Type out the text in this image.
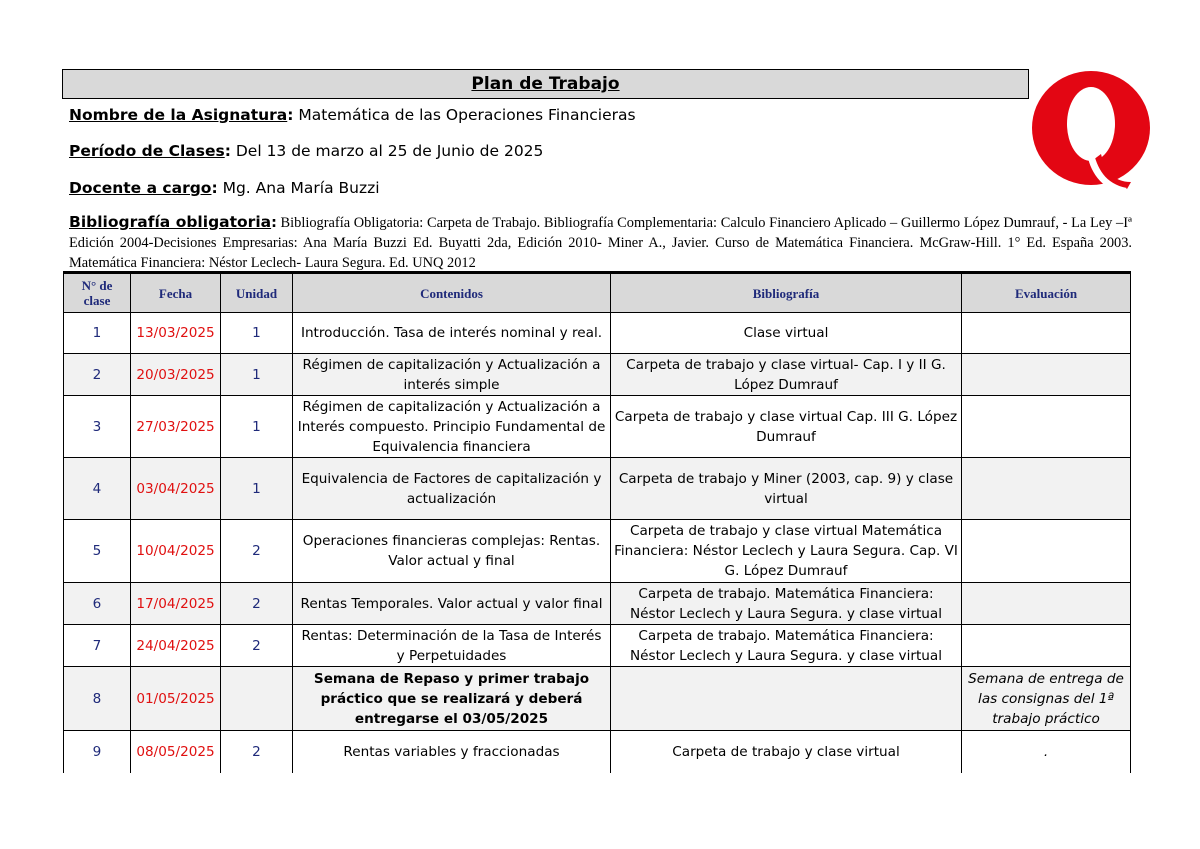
Plan de Trabajo
Nombre de la Asignatura: Matemática de las Operaciones Financieras
Período de Clases: Del 13 de marzo al 25 de Junio de 2025
Docente a cargo: Mg. Ana María Buzzi
Bibliografía obligatoria: Bibliografía Obligatoria: Carpeta de Trabajo. Bibliografía Complementaria: Calculo Financiero Aplicado – Guillermo López Dumrauf, - La Ley –Iª Edición 2004-Decisiones Empresarias: Ana María Buzzi Ed. Buyatti 2da, Edición 2010- Miner A., Javier. Curso de Matemática Financiera. McGraw-Hill. 1° Ed. España 2003. Matemática Financiera: Néstor Leclech- Laura Segura. Ed. UNQ 2012
N° de clase	Fecha	Unidad	Contenidos	Bibliografía	Evaluación
1	13/03/2025	1	Introducción. Tasa de interés nominal y real.	Clase virtual	
2	20/03/2025	1	Régimen de capitalización y Actualización a interés simple	Carpeta de trabajo y clase virtual- Cap. I y II G. López Dumrauf	
3	27/03/2025	1	Régimen de capitalización y Actualización a Interés compuesto. Principio Fundamental de Equivalencia financiera	Carpeta de trabajo y clase virtual Cap. III G. López Dumrauf	
4	03/04/2025	1	Equivalencia de Factores de capitalización y actualización	Carpeta de trabajo y Miner (2003, cap. 9) y clase virtual	
5	10/04/2025	2	Operaciones financieras complejas: Rentas. Valor actual y final	Carpeta de trabajo y clase virtual Matemática Financiera: Néstor Leclech y Laura Segura. Cap. VI G. López Dumrauf	
6	17/04/2025	2	Rentas Temporales. Valor actual y valor final	Carpeta de trabajo. Matemática Financiera: Néstor Leclech y Laura Segura. y clase virtual	
7	24/04/2025	2	Rentas: Determinación de la Tasa de Interés y Perpetuidades	Carpeta de trabajo. Matemática Financiera: Néstor Leclech y Laura Segura. y clase virtual	
8	01/05/2025		Semana de Repaso y primer trabajo práctico que se realizará y deberá entregarse el 03/05/2025		Semana de entrega de las consignas del 1ª trabajo práctico
9	08/05/2025	2	Rentas variables y fraccionadas	Carpeta de trabajo y clase virtual	.
